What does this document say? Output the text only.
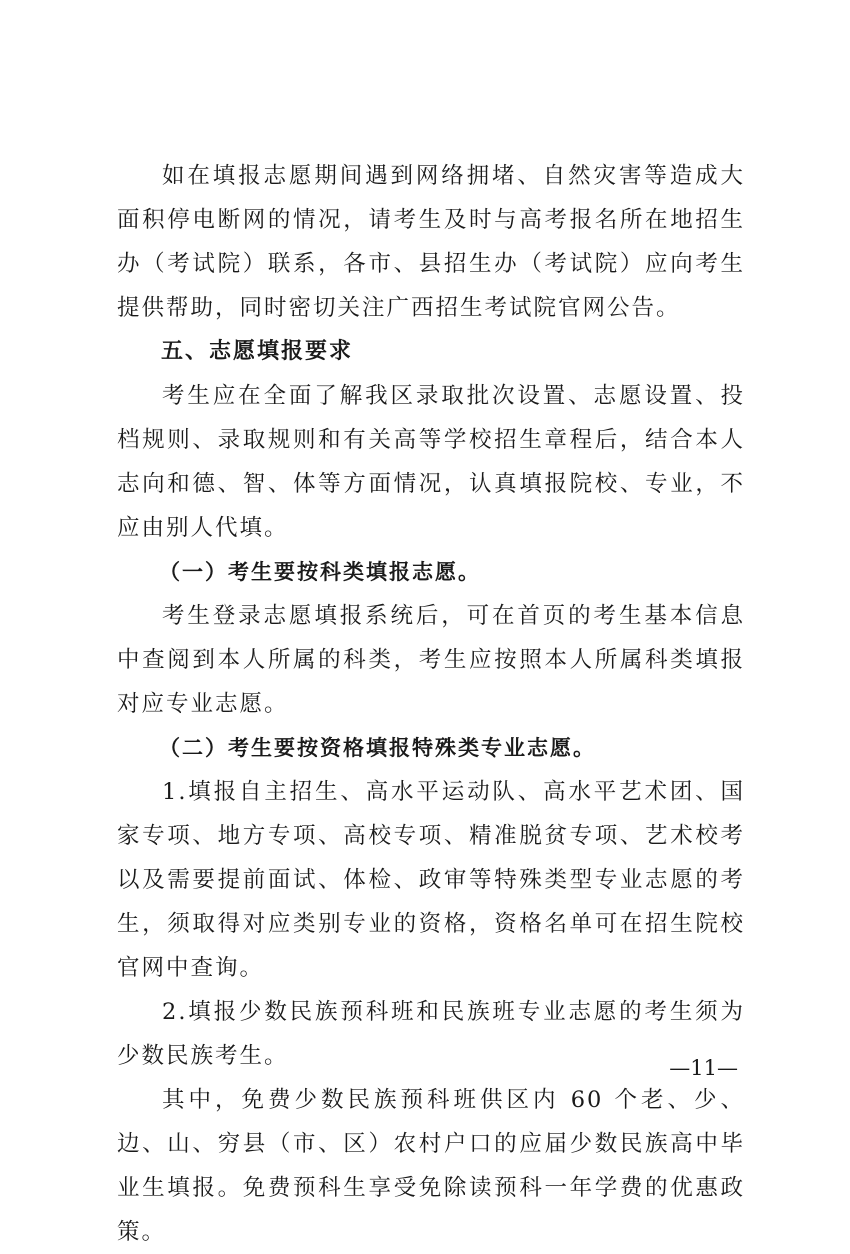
如在填报志愿期间遇到网络拥堵、自然灾害等造成大面积停电断网的情况，请考生及时与高考报名所在地招生办（考试院）联系，各市、县招生办（考试院）应向考生提供帮助，同时密切关注广西招生考试院官网公告。

五、志愿填报要求

考生应在全面了解我区录取批次设置、志愿设置、投档规则、录取规则和有关高等学校招生章程后，结合本人志向和德、智、体等方面情况，认真填报院校、专业，不应由别人代填。

（一）考生要按科类填报志愿。

考生登录志愿填报系统后，可在首页的考生基本信息中查阅到本人所属的科类，考生应按照本人所属科类填报对应专业志愿。

（二）考生要按资格填报特殊类专业志愿。

1.填报自主招生、高水平运动队、高水平艺术团、国家专项、地方专项、高校专项、精准脱贫专项、艺术校考以及需要提前面试、体检、政审等特殊类型专业志愿的考生，须取得对应类别专业的资格，资格名单可在招生院校官网中查询。

2.填报少数民族预科班和民族班专业志愿的考生须为少数民族考生。

其中，免费少数民族预科班供区内 60 个老、少、边、山、穷县（市、区）农村户口的应届少数民族高中毕业生填报。免费预科生享受免除读预科一年学费的优惠政策。

—11—
